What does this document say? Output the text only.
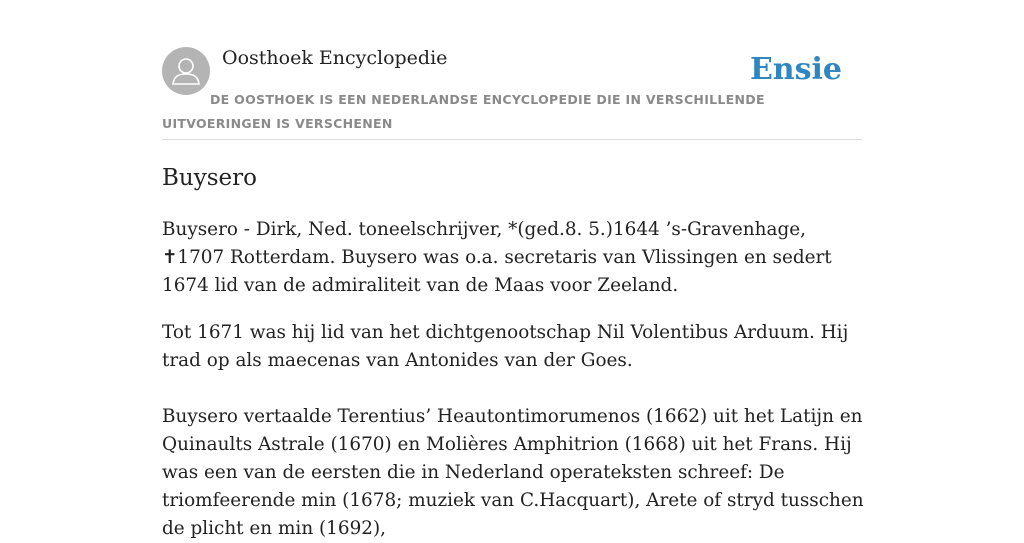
Oosthoek Encyclopedie	Ensie
DE OOSTHOEK IS EEN NEDERLANDSE ENCYCLOPEDIE DIE IN VERSCHILLENDE UITVOERINGEN IS VERSCHENEN
Buysero

Buysero - Dirk, Ned. toneelschrijver, *(ged.8. 5.)1644 ’s-Gravenhage, ✝1707 Rotterdam. Buysero was o.a. secretaris van Vlissingen en sedert 1674 lid van de admiraliteit van de Maas voor Zeeland.

Tot 1671 was hij lid van het dichtgenootschap Nil Volentibus Arduum. Hij trad op als maecenas van Antonides van der Goes.

Buysero vertaalde Terentius’ Heautontimorumenos (1662) uit het Latijn en Quinaults Astrale (1670) en Molières Amphitrion (1668) uit het Frans. Hij was een van de eersten die in Nederland operateksten schreef: De triomfeerende min (1678; muziek van C.Hacquart), Arete of stryd tusschen de plicht en min (1692),
